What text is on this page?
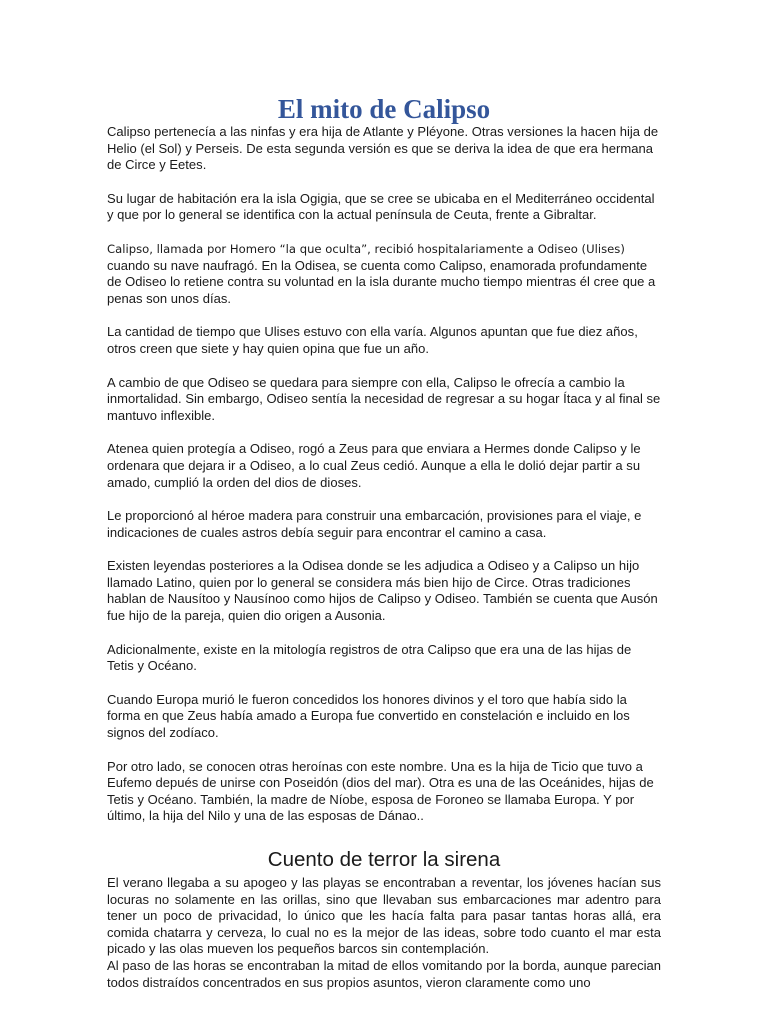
El mito de Calipso

Calipso pertenecía a las ninfas y era hija de Atlante y Pléyone. Otras versiones la hacen hija de Helio (el Sol) y Perseis. De esta segunda versión es que se deriva la idea de que era hermana de Circe y Eetes.

Su lugar de habitación era la isla Ogigia, que se cree se ubicaba en el Mediterráneo occidental y que por lo general se identifica con la actual península de Ceuta, frente a Gibraltar.

Calipso, llamada por Homero “la que oculta”, recibió hospitalariamente a Odiseo (Ulises)
cuando su nave naufragó. En la Odisea, se cuenta como Calipso, enamorada profundamente de Odiseo lo retiene contra su voluntad en la isla durante mucho tiempo mientras él cree que a penas son unos días.

La cantidad de tiempo que Ulises estuvo con ella varía. Algunos apuntan que fue diez años, otros creen que siete y hay quien opina que fue un año.

A cambio de que Odiseo se quedara para siempre con ella, Calipso le ofrecía a cambio la inmortalidad. Sin embargo, Odiseo sentía la necesidad de regresar a su hogar Ítaca y al final se mantuvo inflexible.

Atenea quien protegía a Odiseo, rogó a Zeus para que enviara a Hermes donde Calipso y le ordenara que dejara ir a Odiseo, a lo cual Zeus cedió. Aunque a ella le dolió dejar partir a su amado, cumplió la orden del dios de dioses.

Le proporcionó al héroe madera para construir una embarcación, provisiones para el viaje, e indicaciones de cuales astros debía seguir para encontrar el camino a casa.

Existen leyendas posteriores a la Odisea donde se les adjudica a Odiseo y a Calipso un hijo llamado Latino, quien por lo general se considera más bien hijo de Circe. Otras tradiciones hablan de Nausítoo y Nausínoo como hijos de Calipso y Odiseo. También se cuenta que Ausón fue hijo de la pareja, quien dio origen a Ausonia.

Adicionalmente, existe en la mitología registros de otra Calipso que era una de las hijas de Tetis y Océano.

Cuando Europa murió le fueron concedidos los honores divinos y el toro que había sido la forma en que Zeus había amado a Europa fue convertido en constelación e incluido en los signos del zodíaco.

Por otro lado, se conocen otras heroínas con este nombre. Una es la hija de Ticio que tuvo a Eufemo depués de unirse con Poseidón (dios del mar). Otra es una de las Oceánides, hijas de Tetis y Océano. También, la madre de Níobe, esposa de Foroneo se llamaba Europa. Y por último, la hija del Nilo y una de las esposas de Dánao..

Cuento de terror la sirena

El verano llegaba a su apogeo y las playas se encontraban a reventar, los jóvenes hacían sus locuras no solamente en las orillas, sino que llevaban sus embarcaciones mar adentro para tener un poco de privacidad, lo único que les hacía falta para pasar tantas horas allá, era comida chatarra y cerveza, lo cual no es la mejor de las ideas, sobre todo cuanto el mar esta picado y las olas mueven los pequeños barcos sin contemplación.

Al paso de las horas se encontraban la mitad de ellos vomitando por la borda, aunque parecian todos distraídos concentrados en sus propios asuntos, vieron claramente como uno
